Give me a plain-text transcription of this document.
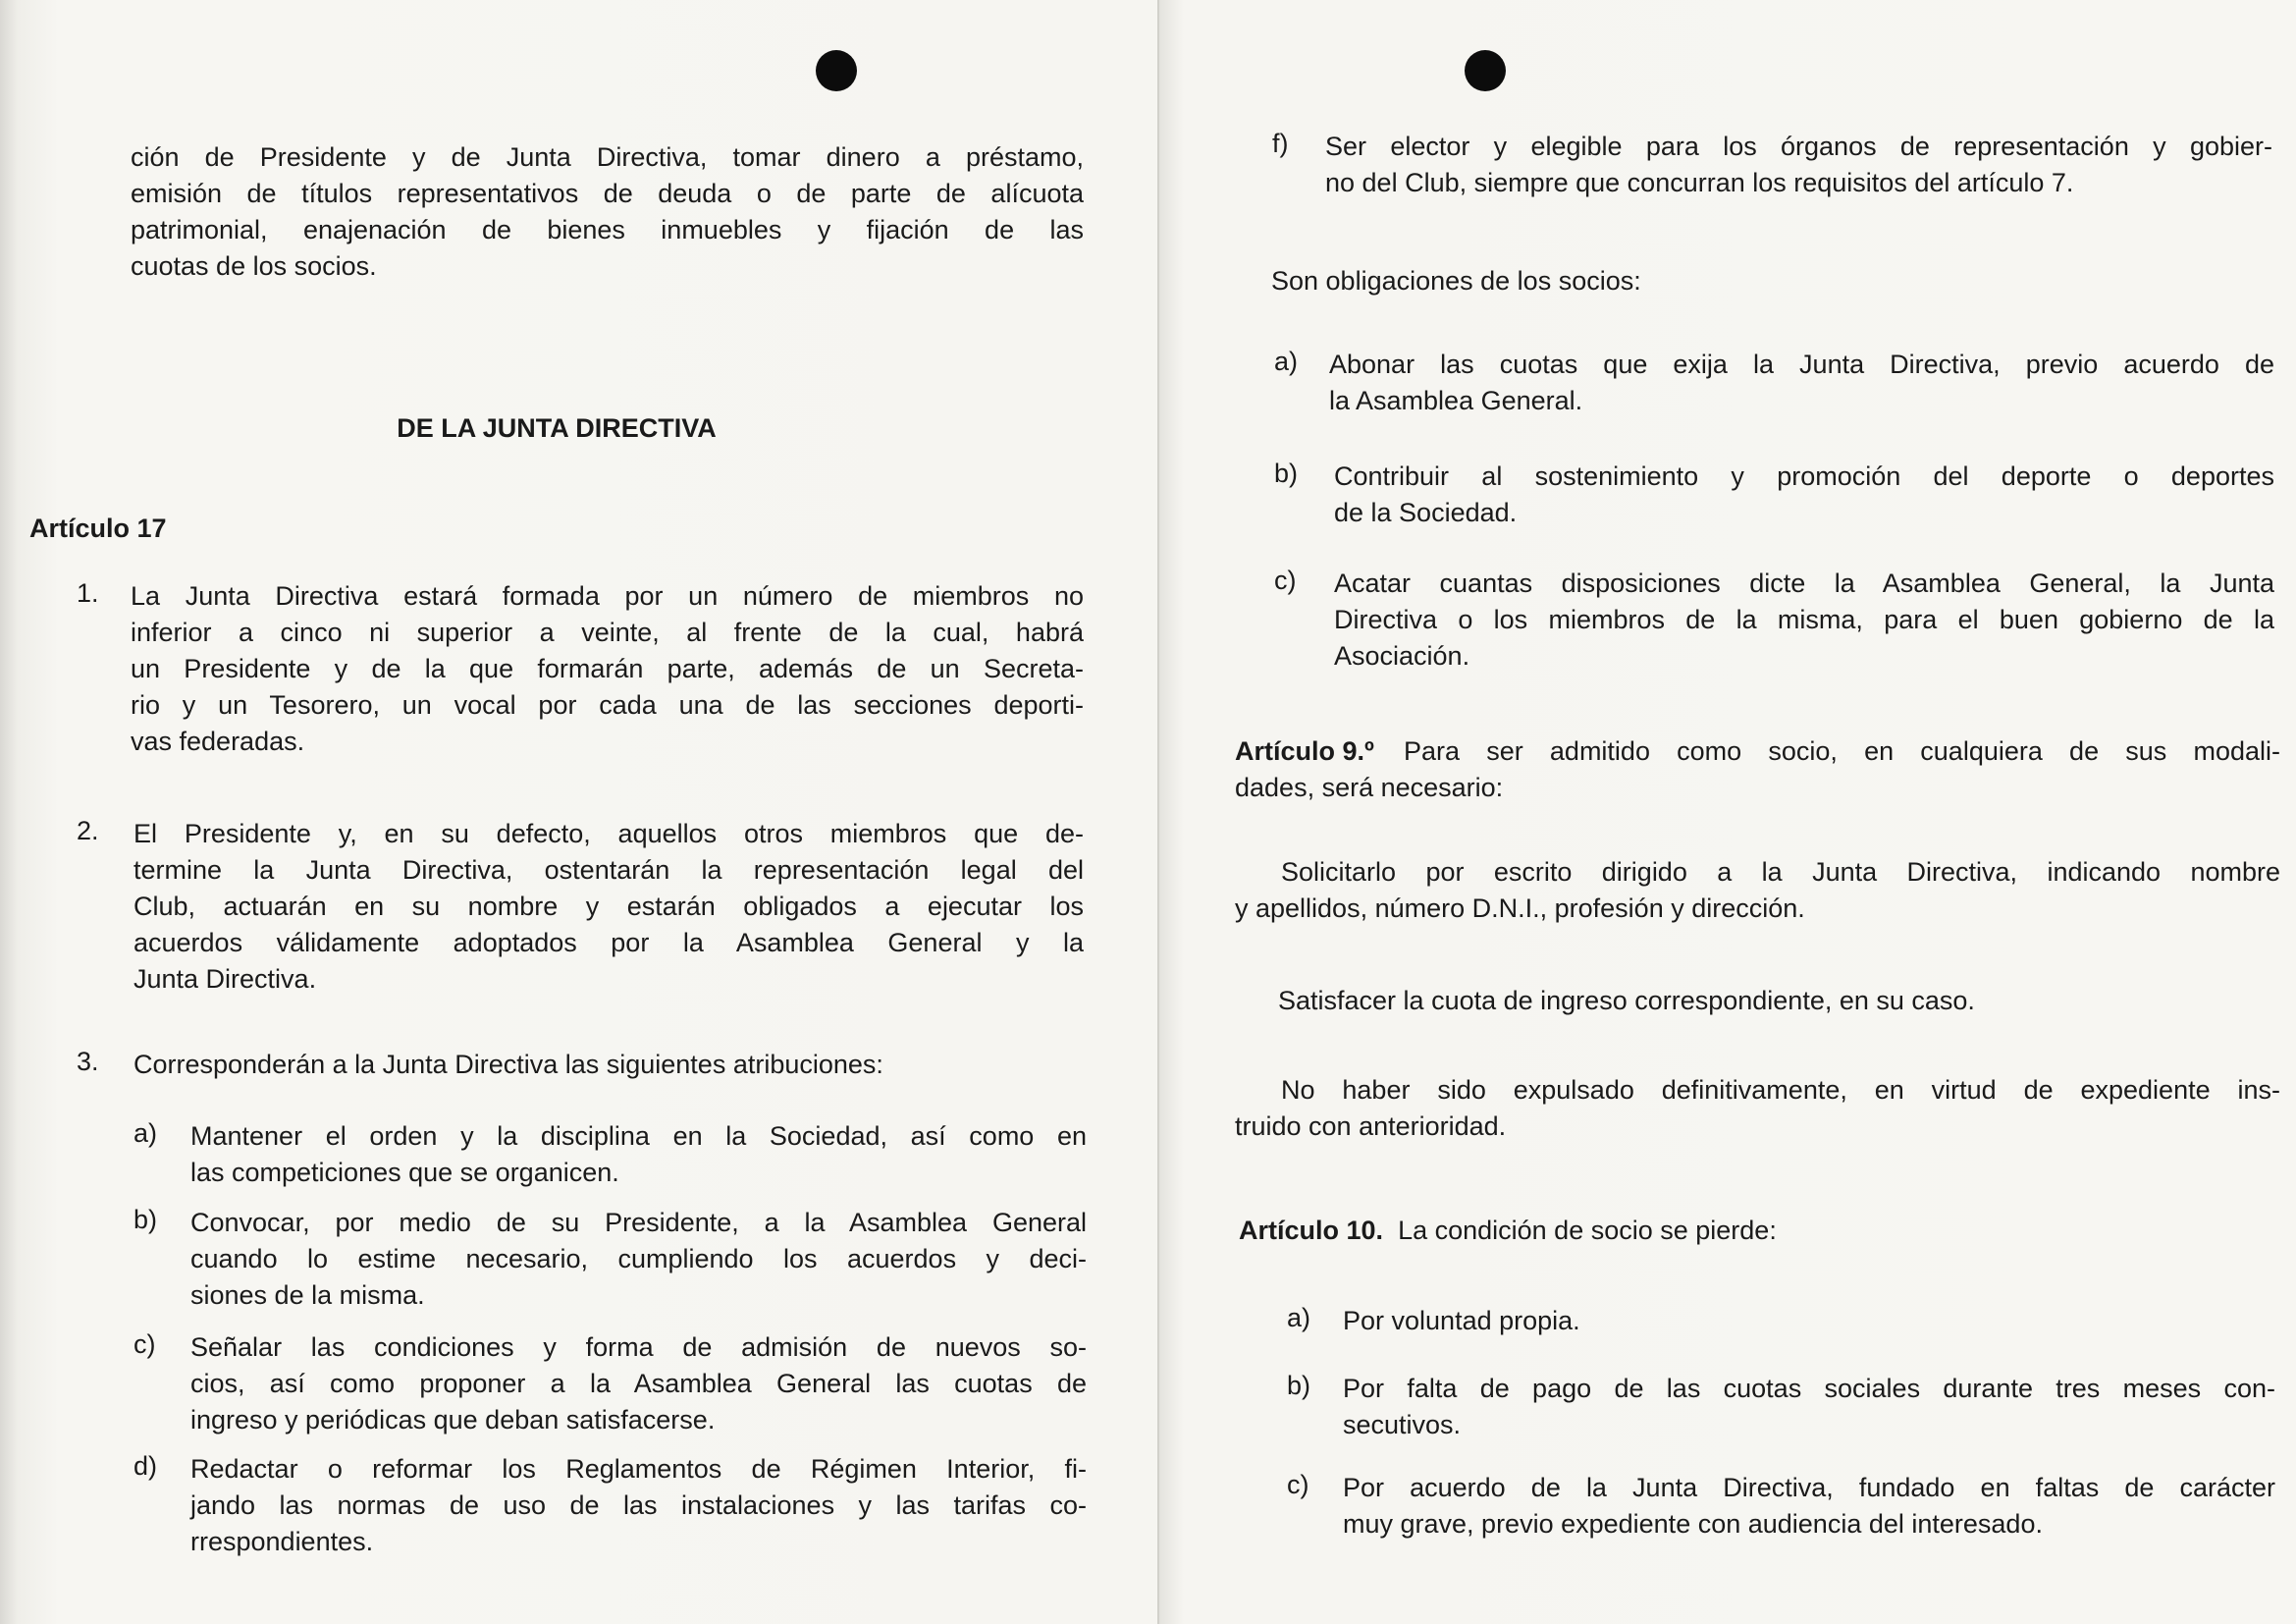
ción de Presidente y de Junta Directiva, tomar dinero a préstamo,
emisión de títulos representativos de deuda o de parte de alícuota
patrimonial, enajenación de bienes inmuebles y fijación de las
cuotas de los socios.
DE LA JUNTA DIRECTIVA
Artículo 17
1. La Junta Directiva estará formada por un número de miembros no
inferior a cinco ni superior a veinte, al frente de la cual, habrá
un Presidente y de la que formarán parte, además de un Secreta-
rio y un Tesorero, un vocal por cada una de las secciones deporti-
vas federadas.
2. El Presidente y, en su defecto, aquellos otros miembros que de-
termine la Junta Directiva, ostentarán la representación legal del
Club, actuarán en su nombre y estarán obligados a ejecutar los
acuerdos válidamente adoptados por la Asamblea General y la
Junta Directiva.
3. Corresponderán a la Junta Directiva las siguientes atribuciones:
a) Mantener el orden y la disciplina en la Sociedad, así como en
las competiciones que se organicen.
b) Convocar, por medio de su Presidente, a la Asamblea General
cuando lo estime necesario, cumpliendo los acuerdos y deci-
siones de la misma.
c) Señalar las condiciones y forma de admisión de nuevos so-
cios, así como proponer a la Asamblea General las cuotas de
ingreso y periódicas que deban satisfacerse.
d) Redactar o reformar los Reglamentos de Régimen Interior, fi-
jando las normas de uso de las instalaciones y las tarifas co-
rrespondientes.
f) Ser elector y elegible para los órganos de representación y gobier-
no del Club, siempre que concurran los requisitos del artículo 7.
Son obligaciones de los socios:
a) Abonar las cuotas que exija la Junta Directiva, previo acuerdo de
la Asamblea General.
b) Contribuir al sostenimiento y promoción del deporte o deportes
de la Sociedad.
c) Acatar cuantas disposiciones dicte la Asamblea General, la Junta
Directiva o los miembros de la misma, para el buen gobierno de la
Asociación.
Artículo 9.º	Para ser admitido como socio, en cualquiera de sus modali-
dades, será necesario:
Solicitarlo por escrito dirigido a la Junta Directiva, indicando nombre
y apellidos, número D.N.I., profesión y dirección.
Satisfacer la cuota de ingreso correspondiente, en su caso.
No haber sido expulsado definitivamente, en virtud de expediente ins-
truido con anterioridad.
Artículo 10. La condición de socio se pierde:
a) Por voluntad propia.
b) Por falta de pago de las cuotas sociales durante tres meses con-
secutivos.
c) Por acuerdo de la Junta Directiva, fundado en faltas de carácter
muy grave, previo expediente con audiencia del interesado.
